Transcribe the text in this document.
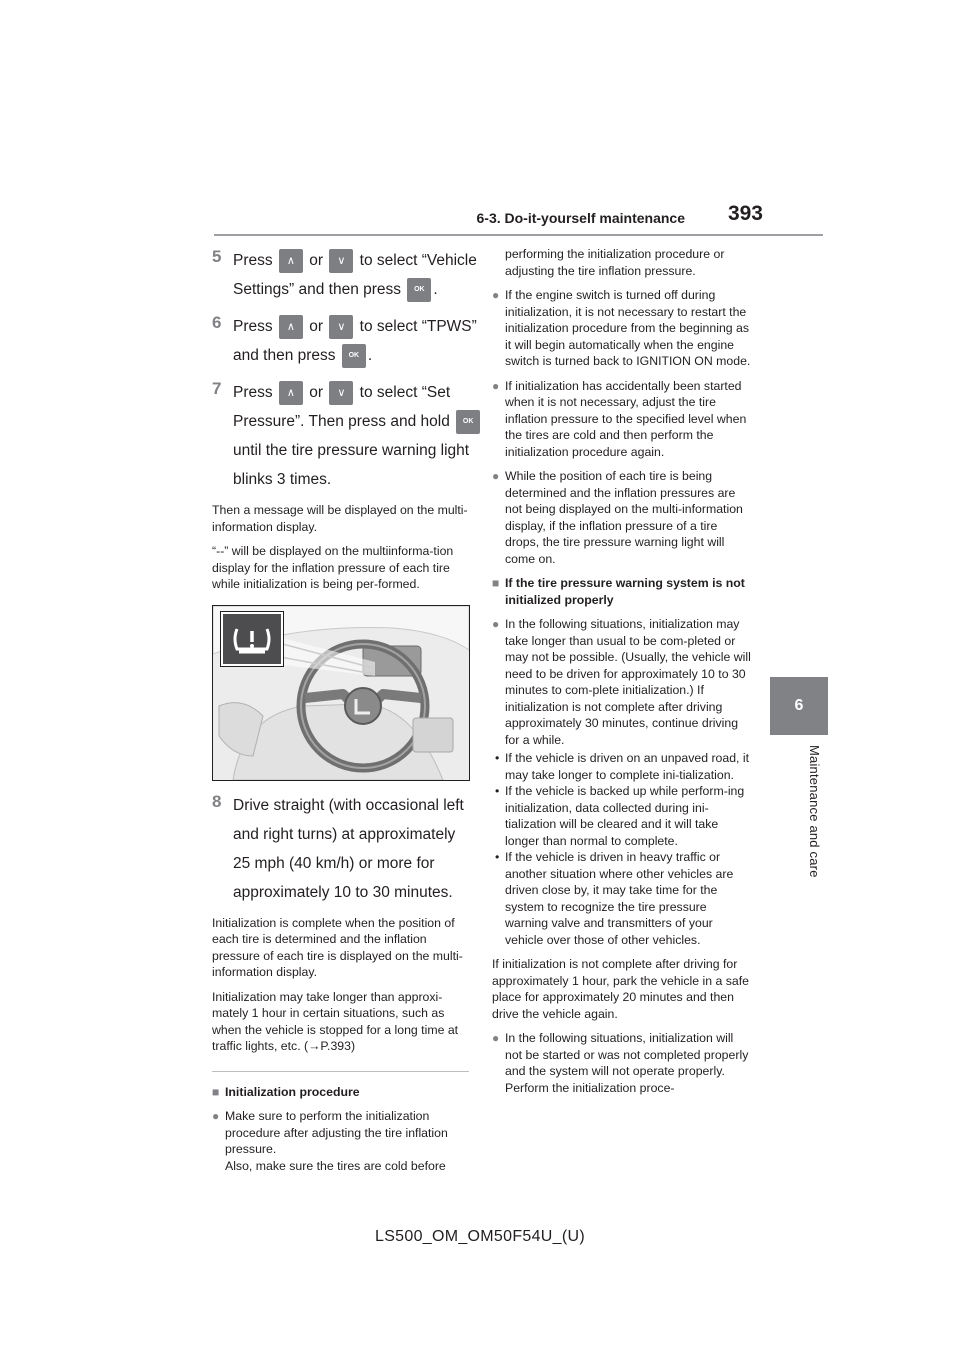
6-3. Do-it-yourself maintenance 393
6
Maintenance and care
5 Press ∧ or ∨ to select “Vehicle
Settings” and then press OK .
6 Press ∧ or ∨ to select “TPWS”
and then press OK .
7 Press ∧ or ∨ to select “Set
Pressure”. Then press and hold OK
until the tire pressure warning light
blinks 3 times.

Then a message will be displayed on the multi-information display.

“--” will be displayed on the multiinforma-tion display for the inflation pressure of each tire while initialization is being per-formed.

8 Drive straight (with occasional left
and right turns) at approximately
25 mph (40 km/h) or more for
approximately 10 to 30 minutes.

Initialization is complete when the position of each tire is determined and the inflation pressure of each tire is displayed on the multi-information display.

Initialization may take longer than approxi-mately 1 hour in certain situations, such as when the vehicle is stopped for a long time at traffic lights, etc. (→P.393)

■ Initialization procedure
● Make sure to perform the initialization procedure after adjusting the tire inflation pressure.
Also, make sure the tires are cold before

performing the initialization procedure or adjusting the tire inflation pressure.

● If the engine switch is turned off during initialization, it is not necessary to restart the initialization procedure from the beginning as it will begin automatically when the engine switch is turned back to IGNITION ON mode.
● If initialization has accidentally been started when it is not necessary, adjust the tire inflation pressure to the specified level when the tires are cold and then perform the initialization procedure again.
● While the position of each tire is being determined and the inflation pressures are not being displayed on the multi-information display, if the inflation pressure of a tire drops, the tire pressure warning light will come on.
■ If the tire pressure warning system is not initialized properly
● In the following situations, initialization may take longer than usual to be com-pleted or may not be possible. (Usually, the vehicle will need to be driven for approximately 10 to 30 minutes to com-plete initialization.) If initialization is not complete after driving approximately 30 minutes, continue driving for a while.
• If the vehicle is driven on an unpaved road, it may take longer to complete ini-tialization.
• If the vehicle is backed up while perform-ing initialization, data collected during ini-tialization will be cleared and it will take longer than normal to complete.
• If the vehicle is driven in heavy traffic or another situation where other vehicles are driven close by, it may take time for the system to recognize the tire pressure warning valve and transmitters of your vehicle over those of other vehicles.

If initialization is not complete after driving for approximately 1 hour, park the vehicle in a safe place for approximately 20 minutes and then drive the vehicle again.

● In the following situations, initialization will not be started or was not completed properly and the system will not operate properly. Perform the initialization proce-
LS500_OM_OM50F54U_(U)
